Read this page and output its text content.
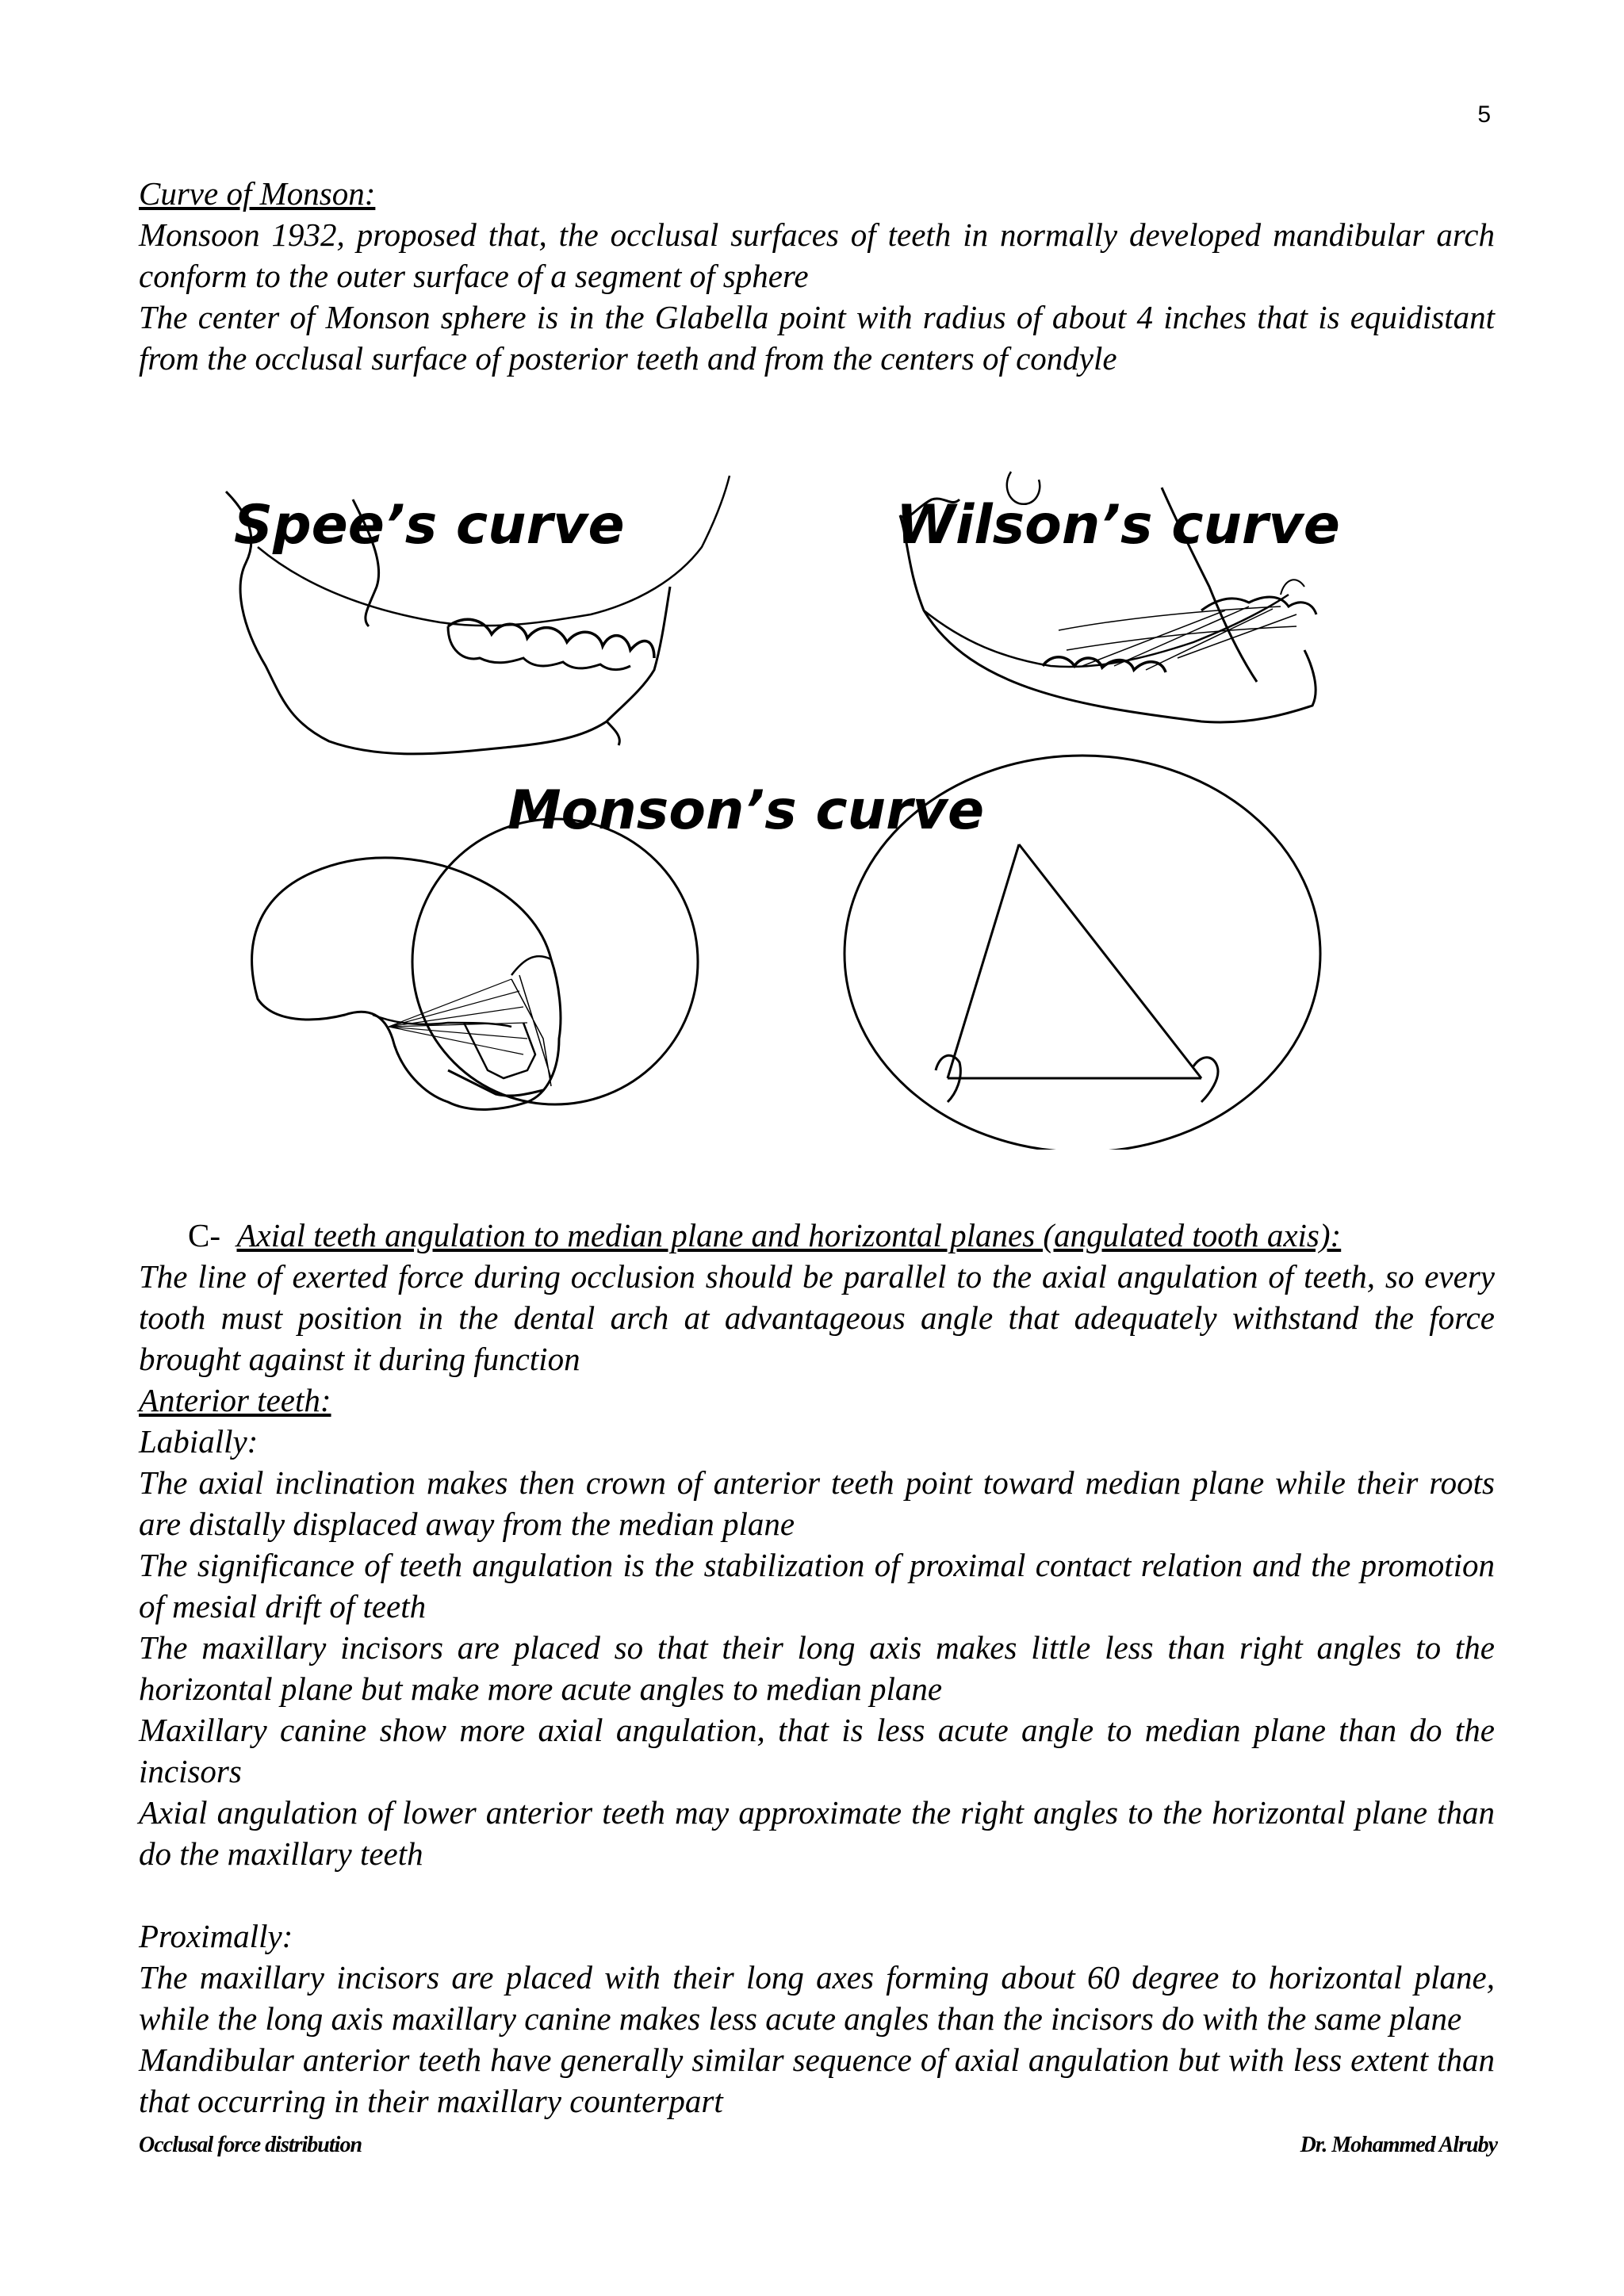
5

Curve of Monson:

Monsoon 1932, proposed that, the occlusal surfaces of teeth in normally developed mandibular arch conform to the outer surface of a segment of sphere

The center of Monson sphere is in the Glabella point with radius of about 4 inches that is equidistant from the occlusal surface of posterior teeth and from the centers of condyle

Spee’s curve	Wilson’s curve
Monson’s curve

C- Axial teeth angulation to median plane and horizontal planes (angulated tooth axis):

The line of exerted force during occlusion should be parallel to the axial angulation of teeth, so every tooth must position in the dental arch at advantageous angle that adequately withstand the force brought against it during function

Anterior teeth:

Labially:

The axial inclination makes then crown of anterior teeth point toward median plane while their roots are distally displaced away from the median plane

The significance of teeth angulation is the stabilization of proximal contact relation and the promotion of mesial drift of teeth

The maxillary incisors are placed so that their long axis makes little less than right angles to the horizontal plane but make more acute angles to median plane

Maxillary canine show more axial angulation, that is less acute angle to median plane than do the incisors

Axial angulation of lower anterior teeth may approximate the right angles to the horizontal plane than do the maxillary teeth

Proximally:

The maxillary incisors are placed with their long axes forming about 60 degree to horizontal plane, while the long axis maxillary canine makes less acute angles than the incisors do with the same plane

Mandibular anterior teeth have generally similar sequence of axial angulation but with less extent than that occurring in their maxillary counterpart

Occlusal force distribution	Dr. Mohammed Alruby
